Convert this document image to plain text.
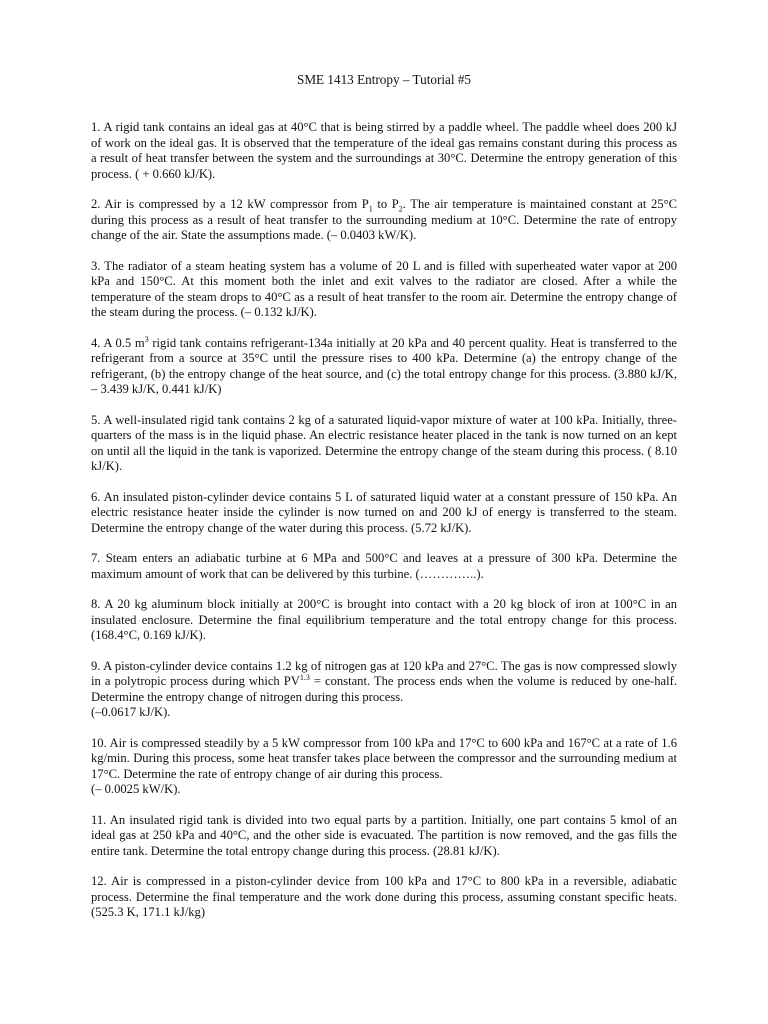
SME 1413 Entropy – Tutorial #5

1. A rigid tank contains an ideal gas at 40°C that is being stirred by a paddle wheel. The paddle wheel does 200 kJ of work on the ideal gas. It is observed that the temperature of the ideal gas remains constant during this process as a result of heat transfer between the system and the surroundings at 30°C. Determine the entropy generation of this process. ( + 0.660 kJ/K).

2. Air is compressed by a 12 kW compressor from $P_1$ to $P_2$. The air temperature is maintained constant at 25°C during this process as a result of heat transfer to the surrounding medium at 10°C. Determine the rate of entropy change of the air. State the assumptions made. (– 0.0403 kW/K).

3. The radiator of a steam heating system has a volume of 20 L and is filled with superheated water vapor at 200 kPa and 150°C. At this moment both the inlet and exit valves to the radiator are closed. After a while the temperature of the steam drops to 40°C as a result of heat transfer to the room air. Determine the entropy change of the steam during the process. (– 0.132 kJ/K).

4. A 0.5 $m^3$ rigid tank contains refrigerant-134a initially at 20 kPa and 40 percent quality. Heat is transferred to the refrigerant from a source at 35°C until the pressure rises to 400 kPa. Determine (a) the entropy change of the refrigerant, (b) the entropy change of the heat source, and (c) the total entropy change for this process. (3.880 kJ/K, – 3.439 kJ/K, 0.441 kJ/K)

5. A well-insulated rigid tank contains 2 kg of a saturated liquid-vapor mixture of water at 100 kPa. Initially, three-quarters of the mass is in the liquid phase. An electric resistance heater placed in the tank is now turned on an kept on until all the liquid in the tank is vaporized. Determine the entropy change of the steam during this process. ( 8.10 kJ/K).

6. An insulated piston-cylinder device contains 5 L of saturated liquid water at a constant pressure of 150 kPa. An electric resistance heater inside the cylinder is now turned on and 200 kJ of energy is transferred to the steam. Determine the entropy change of the water during this process. (5.72 kJ/K).

7. Steam enters an adiabatic turbine at 6 MPa and 500°C and leaves at a pressure of 300 kPa. Determine the maximum amount of work that can be delivered by this turbine. (…………..).

8. A 20 kg aluminum block initially at 200°C is brought into contact with a 20 kg block of iron at 100°C in an insulated enclosure. Determine the final equilibrium temperature and the total entropy change for this process. (168.4°C, 0.169 kJ/K).

9. A piston-cylinder device contains 1.2 kg of nitrogen gas at 120 kPa and 27°C. The gas is now compressed slowly in a polytropic process during which $PV^{1.3}$ = constant. The process ends when the volume is reduced by one-half. Determine the entropy change of nitrogen during this process.
(–0.0617 kJ/K).

10. Air is compressed steadily by a 5 kW compressor from 100 kPa and 17°C to 600 kPa and 167°C at a rate of 1.6 kg/min. During this process, some heat transfer takes place between the compressor and the surrounding medium at 17°C. Determine the rate of entropy change of air during this process.
(– 0.0025 kW/K).

11. An insulated rigid tank is divided into two equal parts by a partition. Initially, one part contains 5 kmol of an ideal gas at 250 kPa and 40°C, and the other side is evacuated. The partition is now removed, and the gas fills the entire tank. Determine the total entropy change during this process. (28.81 kJ/K).

12. Air is compressed in a piston-cylinder device from 100 kPa and 17°C to 800 kPa in a reversible, adiabatic process. Determine the final temperature and the work done during this process, assuming constant specific heats. (525.3 K, 171.1 kJ/kg)
